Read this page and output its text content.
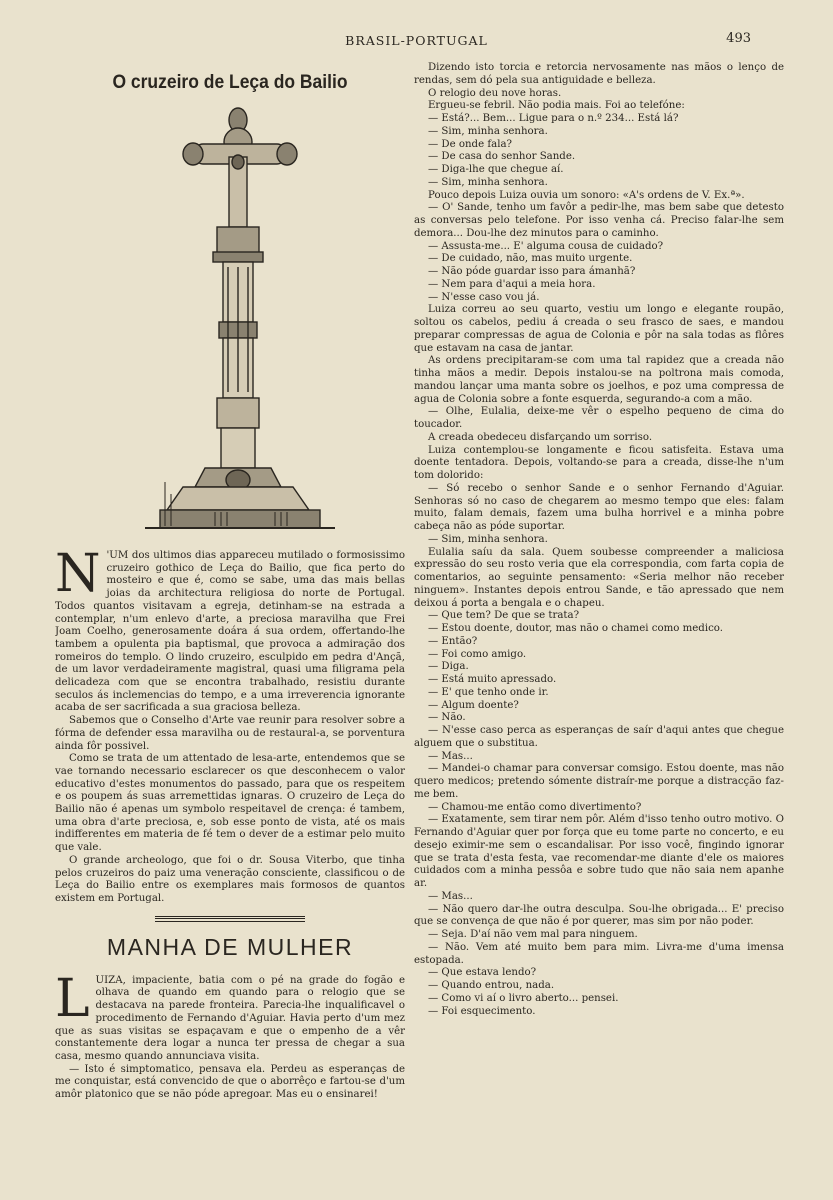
BRASIL-PORTUGAL	493
O cruzeiro de Leça do Bailio
N 'UM dos ultimos dias appareceu mutilado o formosissimo cruzeiro gothico de Leça do Bailio, que fica perto do mosteiro e que é, como se sabe, uma das mais bellas joias da architectura religiosa do norte de Portugal. Todos quantos visitavam a egreja, detinham-se na estrada a contemplar, n'um enlevo d'arte, a preciosa maravilha que Frei Joam Coelho, generosamente doára á sua ordem, offertando-lhe tambem a opulenta pia baptismal, que provoca a admiração dos romeiros do templo. O lindo cruzeiro, esculpido em pedra d'Ançã, de um lavor verdadeiramente magistral, quasi uma filigrama pela delicadeza com que se encontra trabalhado, resistiu durante seculos ás inclemencias do tempo, e a uma irreverencia ignorante acaba de ser sacrificada a sua graciosa belleza.

Sabemos que o Conselho d'Arte vae reunir para resolver sobre a fórma de defender essa maravilha ou de restaural-a, se porventura ainda fôr possivel.

Como se trata de um attentado de lesa-arte, entendemos que se vae tornando necessario esclarecer os que desconhecem o valor educativo d'estes monumentos do passado, para que os respeitem e os poupem ás suas arremettidas ignaras. O cruzeiro de Leça do Bailio não é apenas um symbolo respeitavel de crença: é tambem, uma obra d'arte preciosa, e, sob esse ponto de vista, até os mais indifferentes em materia de fé tem o dever de a estimar pelo muito que vale.

O grande archeologo, que foi o dr. Sousa Viterbo, que tinha pelos cruzeiros do paiz uma veneração consciente, classificou o de Leça do Bailio entre os exemplares mais formosos de quantos existem em Portugal.

MANHA DE MULHER
L UIZA, impaciente, batia com o pé na grade do fogão e olhava de quando em quando para o relogio que se destacava na parede fronteira. Parecia-lhe inqualificavel o procedimento de Fernando d'Aguiar. Havia perto d'um mez que as suas visitas se espaçavam e que o empenho de a vêr constantemente dera logar a nunca ter pressa de chegar a sua casa, mesmo quando annunciava visita.

— Isto é simptomatico, pensava ela. Perdeu as esperanças de me conquistar, está convencido de que o aborrêço e fartou-se d'um amôr platonico que se não póde apregoar. Mas eu o ensinarei!

Dizendo isto torcia e retorcia nervosamente nas mãos o lenço de rendas, sem dó pela sua antiguidade e belleza.

O relogio deu nove horas.

Ergueu-se febril. Não podia mais. Foi ao telefóne:

— Está?... Bem... Ligue para o n.º 234... Está lá?

— Sim, minha senhora.

— De onde fala?

— De casa do senhor Sande.

— Diga-lhe que chegue aí.

— Sim, minha senhora.

Pouco depois Luiza ouvia um sonoro: «A's ordens de V. Ex.ª».

— O' Sande, tenho um favôr a pedir-lhe, mas bem sabe que detesto as conversas pelo telefone. Por isso venha cá. Preciso falar-lhe sem demora... Dou-lhe dez minutos para o caminho.

— Assusta-me... E' alguma cousa de cuidado?

— De cuidado, não, mas muito urgente.

— Não póde guardar isso para ámanhã?

— Nem para d'aqui a meia hora.

— N'esse caso vou já.

Luiza correu ao seu quarto, vestiu um longo e elegante roupão, soltou os cabelos, pediu á creada o seu frasco de saes, e mandou preparar compressas de agua de Colonia e pôr na sala todas as flôres que estavam na casa de jantar.

As ordens precipitaram-se com uma tal rapidez que a creada não tinha mãos a medir. Depois instalou-se na poltrona mais comoda, mandou lançar uma manta sobre os joelhos, e poz uma compressa de agua de Colonia sobre a fonte esquerda, segurando-a com a mão.

— Olhe, Eulalia, deixe-me vêr o espelho pequeno de cima do toucador.

A creada obedeceu disfarçando um sorriso.

Luiza contemplou-se longamente e ficou satisfeita. Estava uma doente tentadora. Depois, voltando-se para a creada, disse-lhe n'um tom dolorido:

— Só recebo o senhor Sande e o senhor Fernando d'Aguiar. Senhoras só no caso de chegarem ao mesmo tempo que eles: falam muito, falam demais, fazem uma bulha horrivel e a minha pobre cabeça não as póde suportar.

— Sim, minha senhora.

Eulalia saíu da sala. Quem soubesse compreender a maliciosa expressão do seu rosto veria que ela correspondia, com farta copia de comentarios, ao seguinte pensamento: «Seria melhor não receber ninguem». Instantes depois entrou Sande, e tão apressado que nem deixou á porta a bengala e o chapeu.

— Que tem? De que se trata?

— Estou doente, doutor, mas não o chamei como medico.

— Então?

— Foi como amigo.

— Diga.

— Está muito apressado.

— E' que tenho onde ir.

— Algum doente?

— Não.

— N'esse caso perca as esperanças de saír d'aqui antes que chegue alguem que o substitua.

— Mas...

— Mandei-o chamar para conversar comsigo. Estou doente, mas não quero medicos; pretendo sómente distraír-me porque a distracção faz-me bem.

— Chamou-me então como divertimento?

— Exatamente, sem tirar nem pôr. Além d'isso tenho outro motivo. O Fernando d'Aguiar quer por força que eu tome parte no concerto, e eu desejo eximir-me sem o escandalisar. Por isso você, fingindo ignorar que se trata d'esta festa, vae recomendar-me diante d'ele os maiores cuidados com a minha pessôa e sobre tudo que não saia nem apanhe ar.

— Mas...

— Não quero dar-lhe outra desculpa. Sou-lhe obrigada... E' preciso que se convença de que não é por querer, mas sim por não poder.

— Seja. D'aí não vem mal para ninguem.

— Não. Vem até muito bem para mim. Livra-me d'uma imensa estopada.

— Que estava lendo?

— Quando entrou, nada.

— Como vi aí o livro aberto... pensei.

— Foi esquecimento.
